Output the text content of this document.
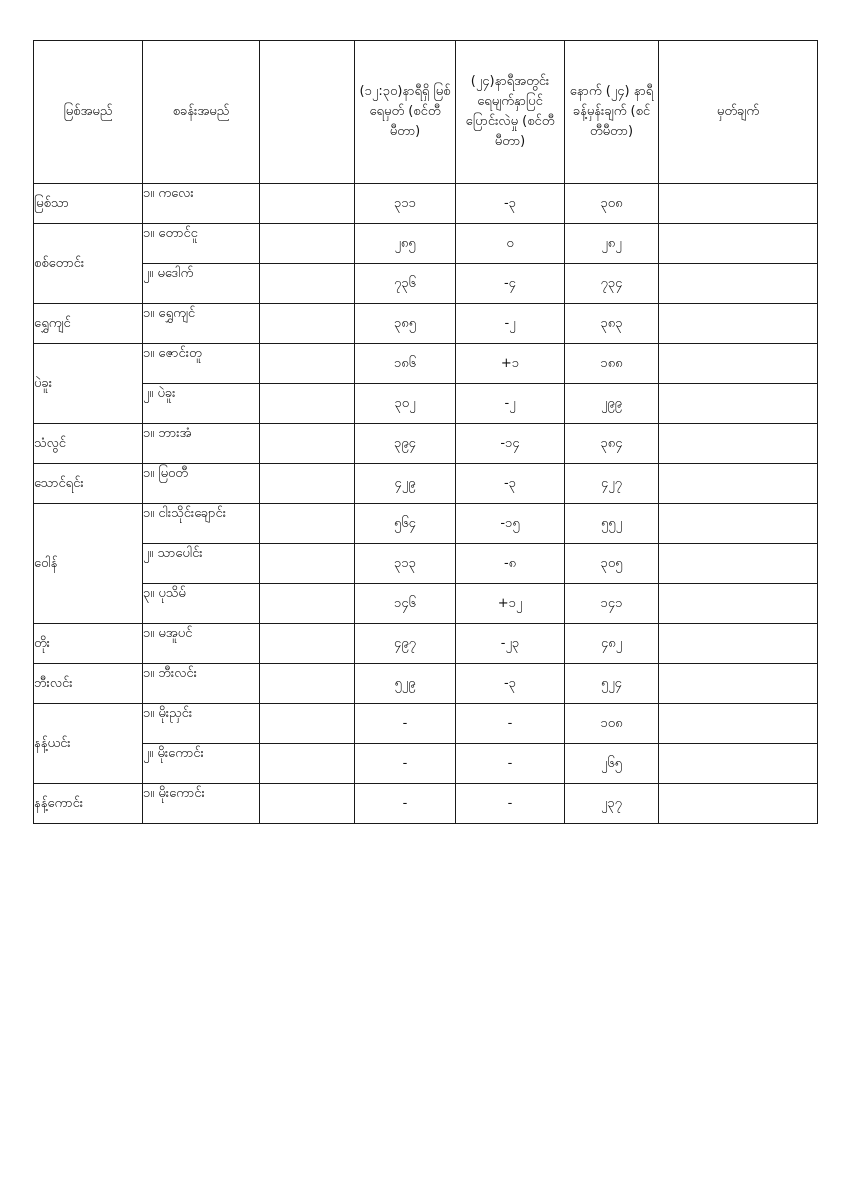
မြစ်အမည်	စခန်းအမည်		(၁၂:၃၀)နာရီရှိ မြစ်ရေမှတ် (စင်တီမီတာ)	(၂၄)နာရီအတွင်း ရေမျက်နှာပြင် ပြောင်းလဲမှု (စင်တီမီတာ)	နောက် (၂၄) နာရီ ခန့်မှန်းချက် (စင်တီမီတာ)	မှတ်ချက်
မြစ်သာ	၁။ ကလေး		၃၁၁	-၃	၃၀၈	
စစ်တောင်း	၁။ တောင်ငူ		၂၈၅	၀	၂၈၂	
	၂။ မဒေါက်		၇၃၆	-၄	၇၃၄	
ရွှေကျင်	၁။ ရွှေကျင်		၃၈၅	-၂	၃၈၃	
ပဲခူး	၁။ ဇောင်းတူ		၁၈၆	+၁	၁၈၈	
	၂။ ပဲခူး		၃၀၂	-၂	၂၉၉	
သံလွင်	၁။ ဘားအံ		၃၉၄	-၁၄	၃၈၄	
သောင်ရင်း	၁။ မြဝတီ		၄၂၉	-၃	၄၂၇	
ဝေါန်	၁။ ငါးသိုင်းချောင်း		၅၆၄	-၁၅	၅၅၂	
	၂။ သာပေါင်း		၃၁၃	-၈	၃၀၅	
	၃။ ပုသိမ်		၁၄၆	+၁၂	၁၄၁	
တိုး	၁။ မအူပင်		၄၉၇	-၂၃	၄၈၂	
ဘီးလင်း	၁။ ဘီးလင်း		၅၂၉	-၃	၅၂၄	
နန့်ယင်း	၁။ မိုးညှင်း		-	-	၁၀၈	
	၂။ မိုးကောင်း		-	-	၂၆၅	
နန့်ကောင်း	၁။ မိုးကောင်း		-	-	၂၃၇	
